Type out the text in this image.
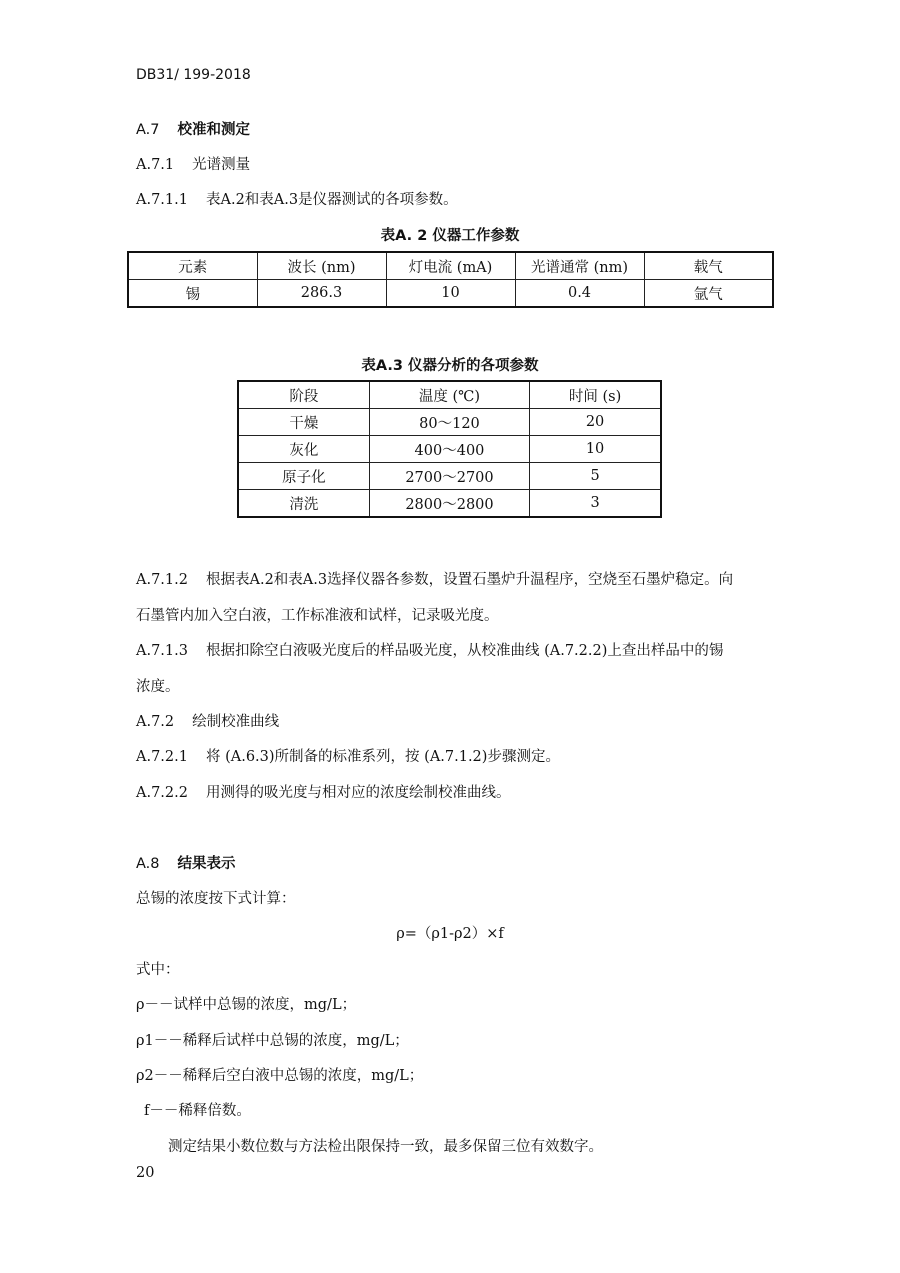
DB31/ 199-2018
A.7 校准和测定
A.7.1 光谱测量
A.7.1.1 表A.2和表A.3是仪器测试的各项参数。
表A. 2 仪器工作参数
元素	波长 (nm)	灯电流 (mA)	光谱通常 (nm)	载气
锡	286.3	10	0.4	氩气
表A.3 仪器分析的各项参数
阶段	温度 (℃)	时间 (s)
干燥	80～120	20
灰化	400～400	10
原子化	2700～2700	5
清洗	2800～2800	3
A.7.1.2 根据表A.2和表A.3选择仪器各参数，设置石墨炉升温程序，空烧至石墨炉稳定。向
石墨管内加入空白液，工作标准液和试样，记录吸光度。
A.7.1.3 根据扣除空白液吸光度后的样品吸光度，从校准曲线 (A.7.2.2)上查出样品中的锡
浓度。
A.7.2 绘制校准曲线
A.7.2.1 将 (A.6.3)所制备的标准系列，按 (A.7.1.2)步骤测定。
A.7.2.2 用测得的吸光度与相对应的浓度绘制校准曲线。
A.8 结果表示
总锡的浓度按下式计算：
ρ=（ρ1-ρ2）×f
式中：
ρ－－试样中总锡的浓度，mg/L；
ρ1－－稀释后试样中总锡的浓度，mg/L；
ρ2－－稀释后空白液中总锡的浓度，mg/L；
f－－稀释倍数。
测定结果小数位数与方法检出限保持一致，最多保留三位有效数字。
20
